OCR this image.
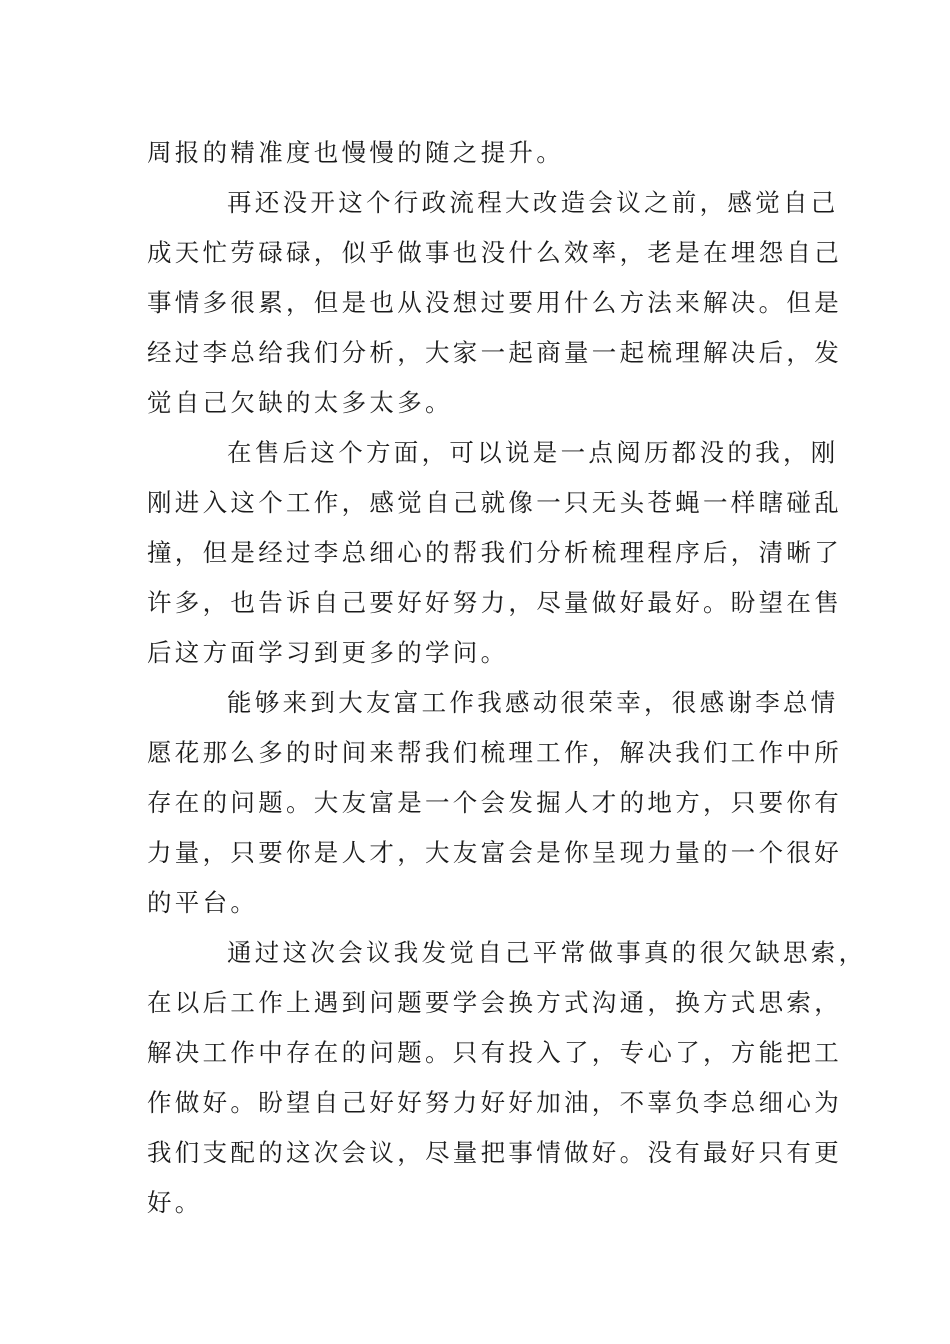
周报的精准度也慢慢的随之提升。
再还没开这个行政流程大改造会议之前，感觉自己
成天忙劳碌碌，似乎做事也没什么效率，老是在埋怨自己
事情多很累，但是也从没想过要用什么方法来解决。但是
经过李总给我们分析，大家一起商量一起梳理解决后，发
觉自己欠缺的太多太多。
在售后这个方面，可以说是一点阅历都没的我，刚
刚进入这个工作，感觉自己就像一只无头苍蝇一样瞎碰乱
撞，但是经过李总细心的帮我们分析梳理程序后，清晰了
许多，也告诉自己要好好努力，尽量做好最好。盼望在售
后这方面学习到更多的学问。
能够来到大友富工作我感动很荣幸，很感谢李总情
愿花那么多的时间来帮我们梳理工作，解决我们工作中所
存在的问题。大友富是一个会发掘人才的地方，只要你有
力量，只要你是人才，大友富会是你呈现力量的一个很好
的平台。
通过这次会议我发觉自己平常做事真的很欠缺思索，
在以后工作上遇到问题要学会换方式沟通，换方式思索，
解决工作中存在的问题。只有投入了，专心了，方能把工
作做好。盼望自己好好努力好好加油，不辜负李总细心为
我们支配的这次会议，尽量把事情做好。没有最好只有更
好。
